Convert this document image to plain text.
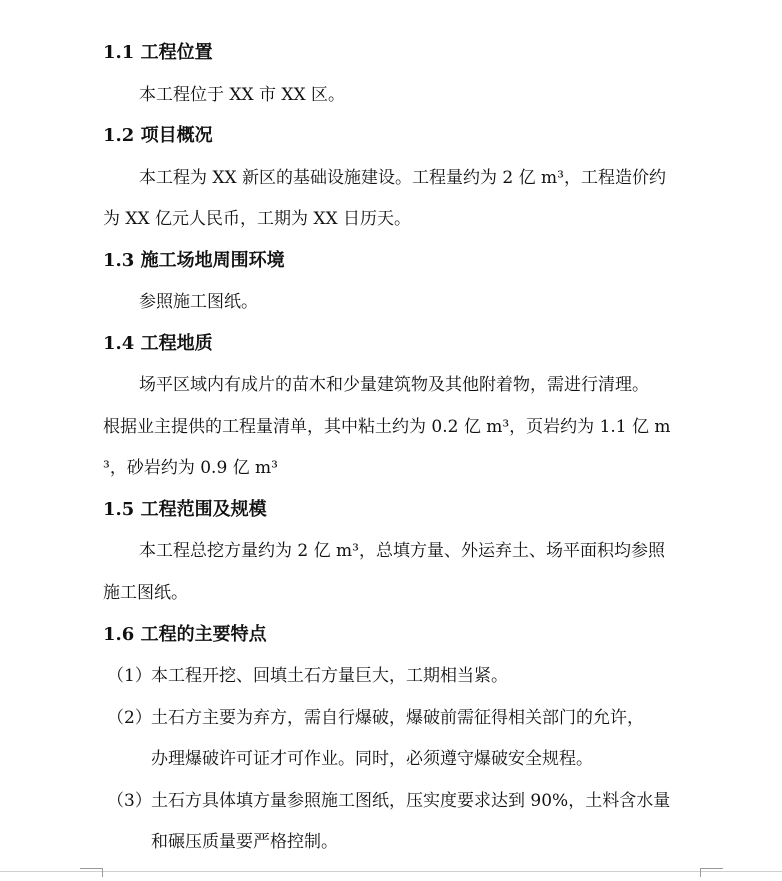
1.1 工程位置
本工程位于 XX 市 XX 区。
1.2 项目概况
本工程为 XX 新区的基础设施建设。工程量约为 2 亿 m³，工程造价约
为 XX 亿元人民币，工期为 XX 日历天。
1.3 施工场地周围环境
参照施工图纸。
1.4 工程地质
场平区域内有成片的苗木和少量建筑物及其他附着物，需进行清理。
根据业主提供的工程量清单，其中粘土约为 0.2 亿 m³，页岩约为 1.1 亿 m
³，砂岩约为 0.9 亿 m³
1.5 工程范围及规模
本工程总挖方量约为 2 亿 m³，总填方量、外运弃土、场平面积均参照
施工图纸。
1.6 工程的主要特点
（1） 本工程开挖、回填土石方量巨大，工期相当紧。
（2） 土石方主要为弃方，需自行爆破，爆破前需征得相关部门的允许，
办理爆破许可证才可作业。同时，必须遵守爆破安全规程。
（3） 土石方具体填方量参照施工图纸，压实度要求达到 90%，土料含水量
和碾压质量要严格控制。
